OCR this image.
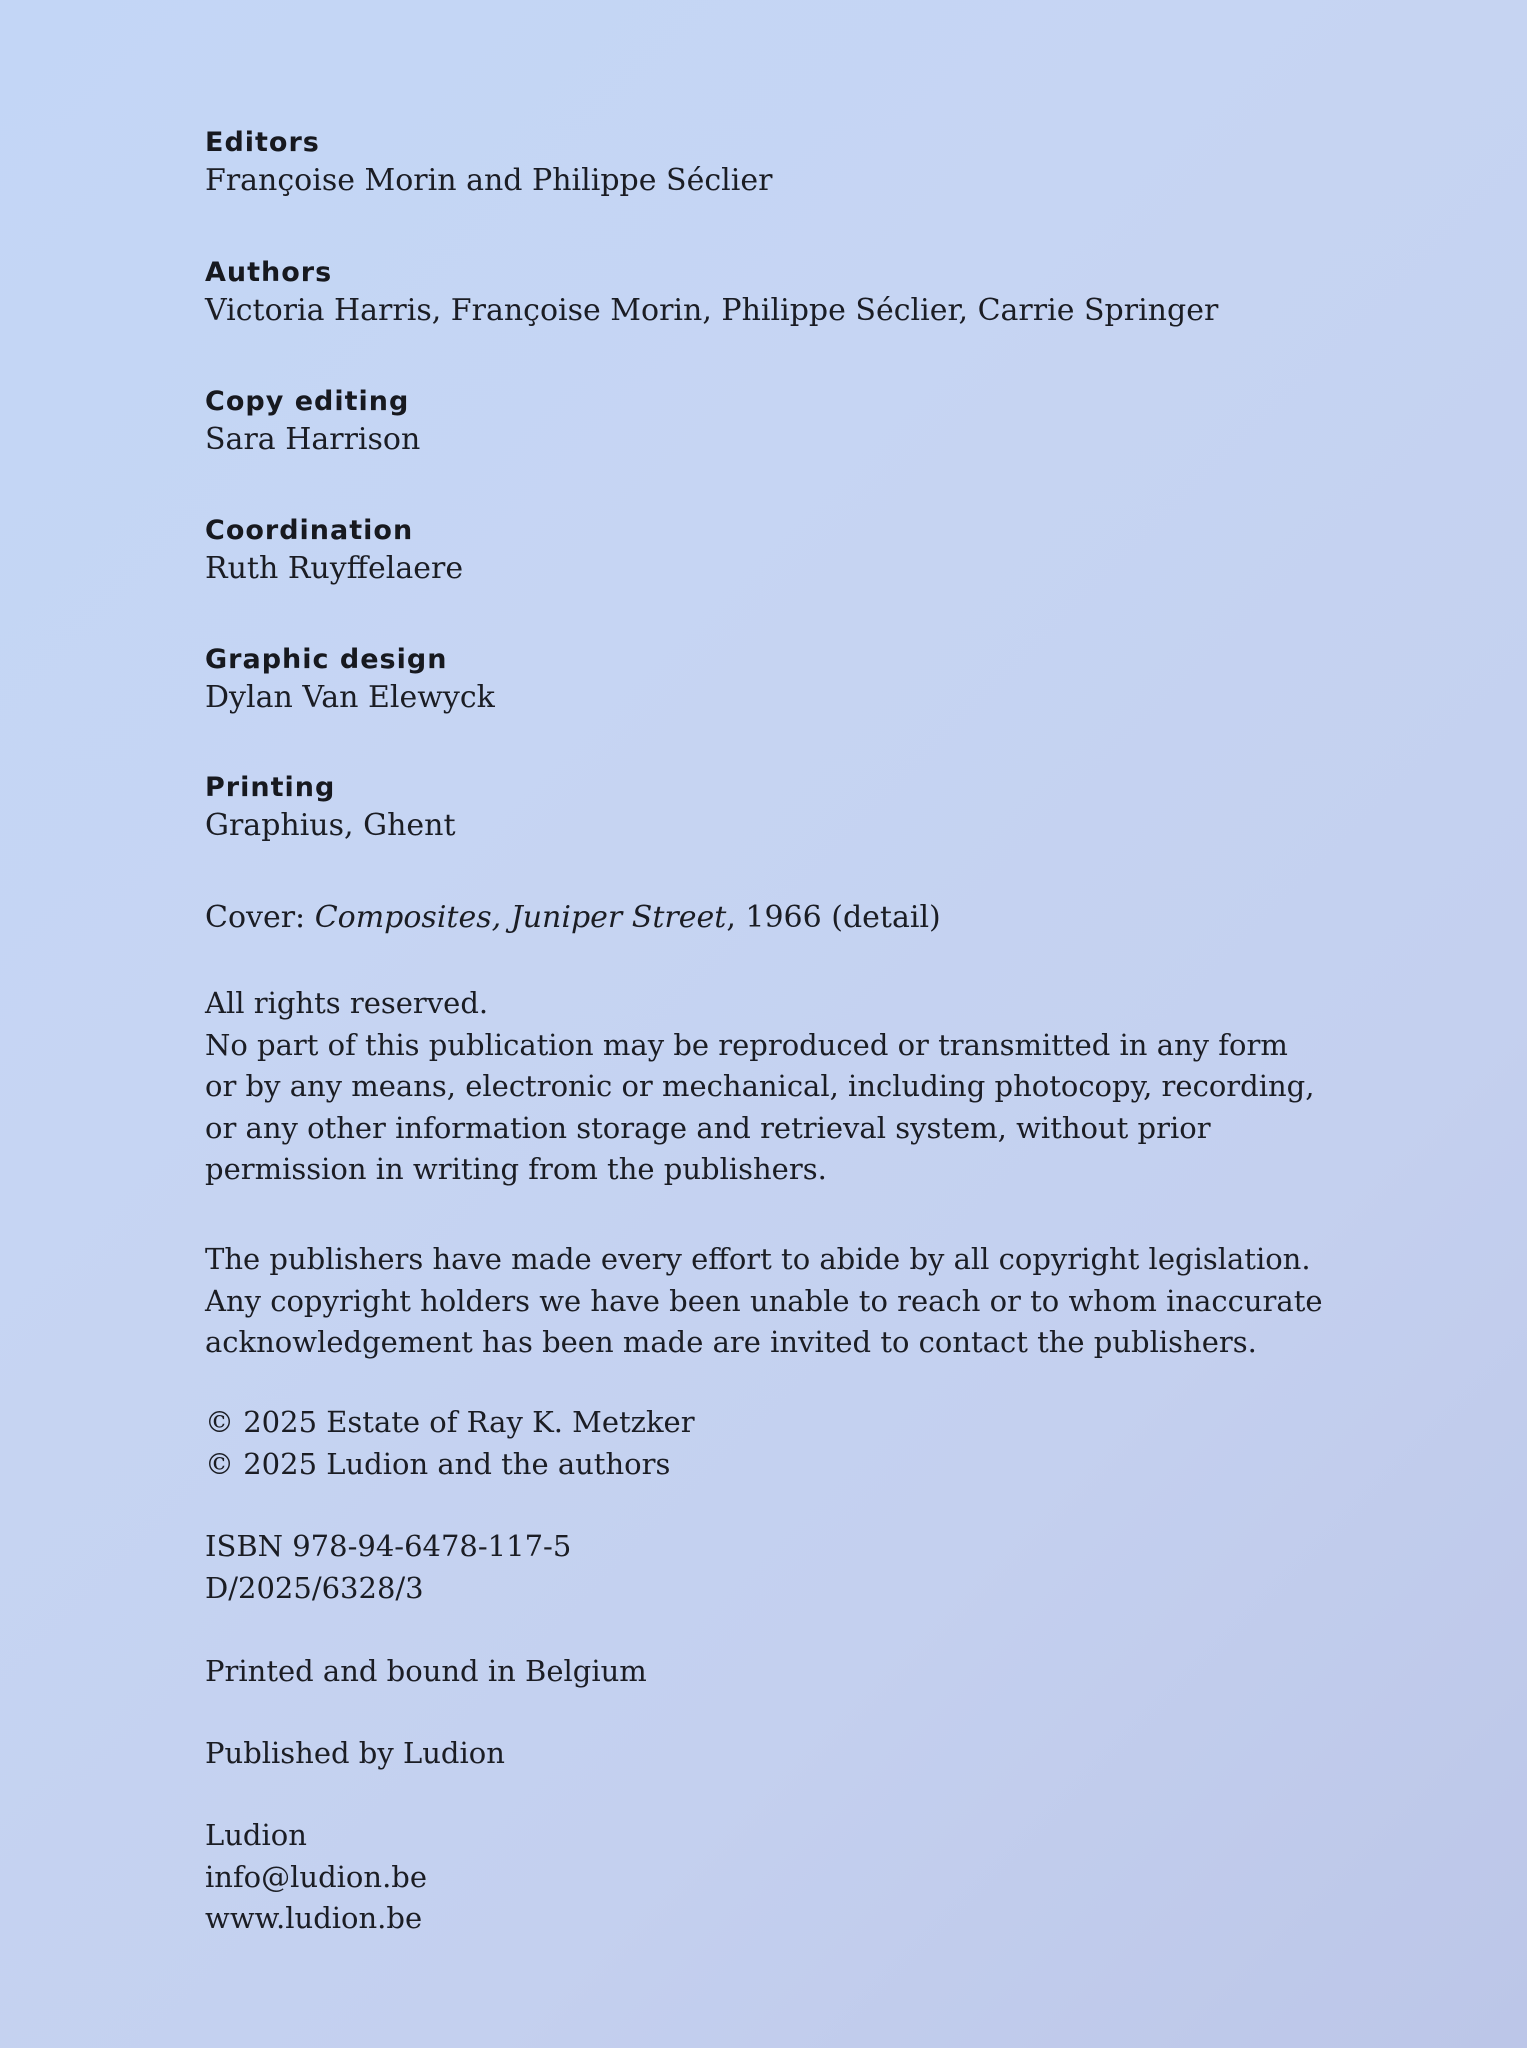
Editors

Françoise Morin and Philippe Séclier

Authors

Victoria Harris, Françoise Morin, Philippe Séclier, Carrie Springer

Copy editing

Sara Harrison

Coordination

Ruth Ruyffelaere

Graphic design

Dylan Van Elewyck

Printing

Graphius, Ghent

Cover: Composites, Juniper Street, 1966 (detail)

All rights reserved.
No part of this publication may be reproduced or transmitted in any form
or by any means, electronic or mechanical, including photocopy, recording,
or any other information storage and retrieval system, without prior
permission in writing from the publishers.

The publishers have made every effort to abide by all copyright legislation.
Any copyright holders we have been unable to reach or to whom inaccurate
acknowledgement has been made are invited to contact the publishers.

© 2025 Estate of Ray K. Metzker
© 2025 Ludion and the authors

ISBN 978-94-6478-117-5
D/2025/6328/3

Printed and bound in Belgium

Published by Ludion

Ludion
info@ludion.be
www.ludion.be
